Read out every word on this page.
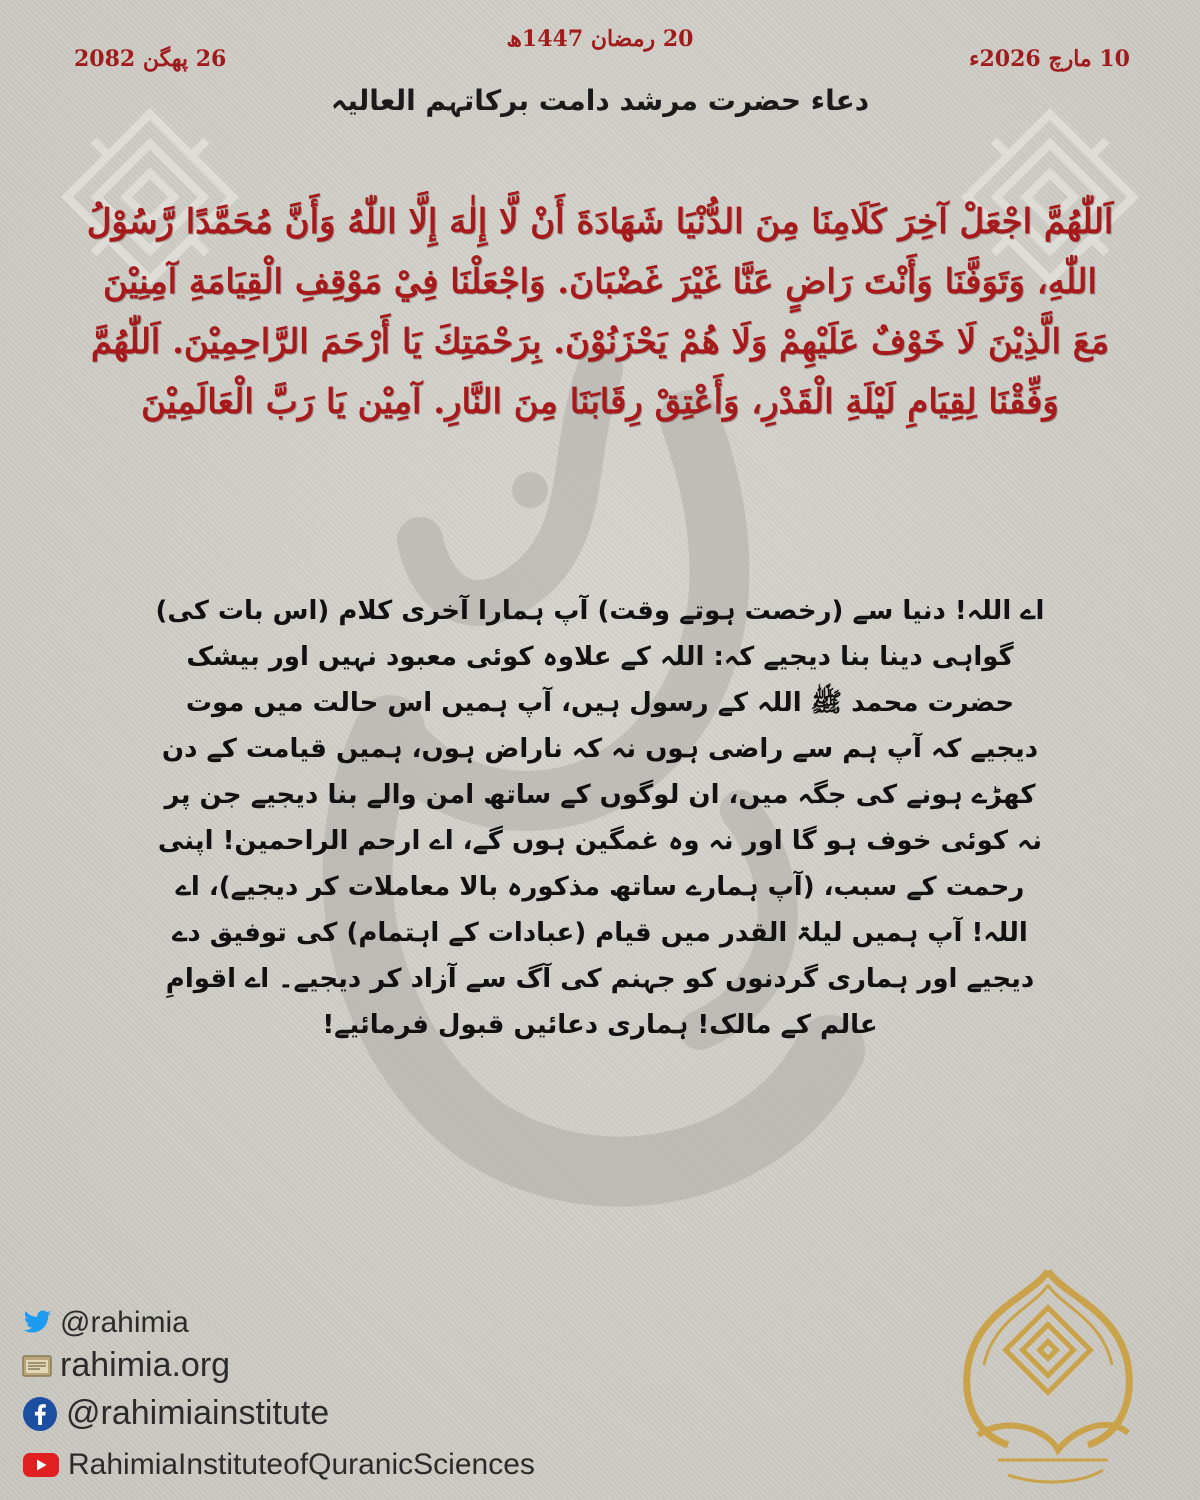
10 مارچ 2026ء
20 رمضان 1447ھ
26 پھگن 2082
دعاء حضرت مرشد دامت برکاتہم العالیہ
اَللّٰهُمَّ اجْعَلْ آخِرَ كَلَامِنَا مِنَ الدُّنْيَا شَهَادَةَ أَنْ لَّا إِلٰهَ إِلَّا اللّٰهُ وَأَنَّ مُحَمَّدًا رَّسُوْلُ اللّٰهِ، وَتَوَفَّنَا وَأَنْتَ رَاضٍ عَنَّا غَيْرَ غَضْبَانَ. وَاجْعَلْنَا فِيْ مَوْقِفِ الْقِيَامَةِ آمِنِيْنَ مَعَ الَّذِيْنَ لَا خَوْفٌ عَلَيْهِمْ وَلَا هُمْ يَحْزَنُوْنَ. بِرَحْمَتِكَ يَا أَرْحَمَ الرَّاحِمِيْنَ. اَللّٰهُمَّ وَفِّقْنَا لِقِيَامِ لَيْلَةِ الْقَدْرِ، وَأَعْتِقْ رِقَابَنَا مِنَ النَّارِ. آمِيْن يَا رَبَّ الْعَالَمِيْنَ
اے اللہ! دنیا سے (رخصت ہوتے وقت) آپ ہمارا آخری کلام (اس بات کی) گواہی دینا بنا دیجیے کہ: اللہ کے علاوہ کوئی معبود نہیں اور بیشک حضرت محمد ﷺ اللہ کے رسول ہیں، آپ ہمیں اس حالت میں موت دیجیے کہ آپ ہم سے راضی ہوں نہ کہ ناراض ہوں، ہمیں قیامت کے دن کھڑے ہونے کی جگہ میں، ان لوگوں کے ساتھ امن والے بنا دیجیے جن پر نہ کوئی خوف ہو گا اور نہ وہ غمگین ہوں گے، اے ارحم الراحمین! اپنی رحمت کے سبب، (آپ ہمارے ساتھ مذکورہ بالا معاملات کر دیجیے)، اے اللہ! آپ ہمیں لیلۃ القدر میں قیام (عبادات کے اہتمام) کی توفیق دے دیجیے اور ہماری گردنوں کو جہنم کی آگ سے آزاد کر دیجیے۔ اے اقوامِ عالم کے مالک! ہماری دعائیں قبول فرمائیے!
@rahimia
rahimia.org
@rahimiainstitute
RahimiaInstituteofQuranicSciences
